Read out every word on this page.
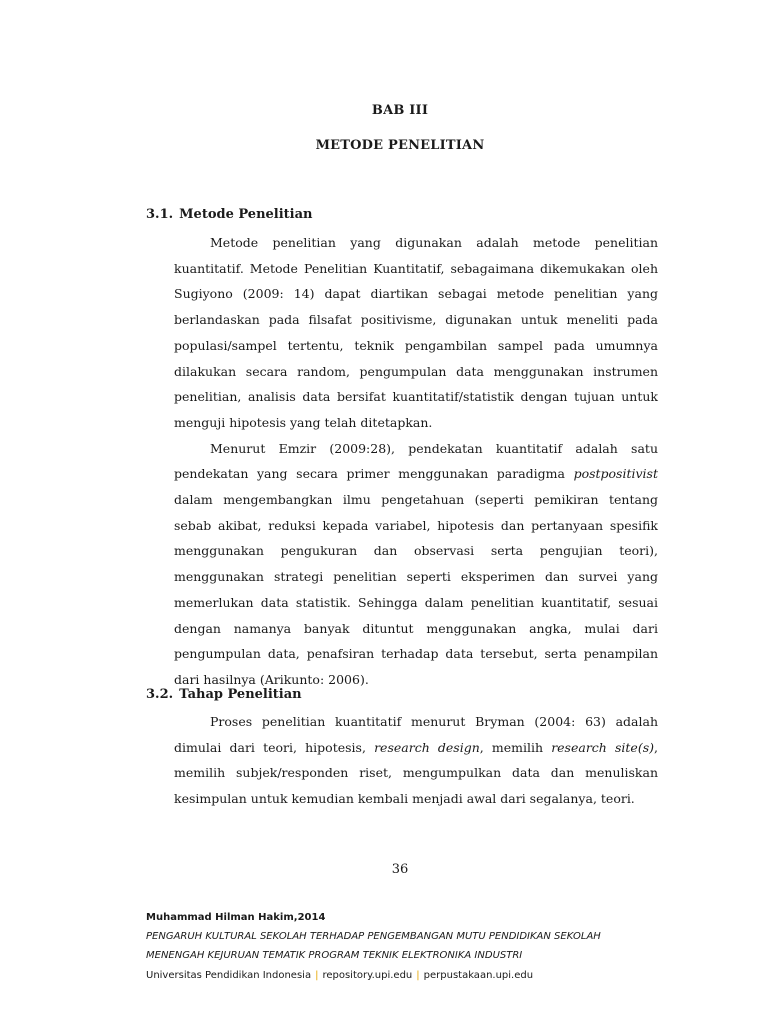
BAB III
METODE PENELITIAN
3.1. Metode Penelitian

Metode penelitian yang digunakan adalah metode penelitian kuantitatif. Metode Penelitian Kuantitatif, sebagaimana dikemukakan oleh Sugiyono (2009: 14) dapat diartikan sebagai metode penelitian yang berlandaskan pada filsafat positivisme, digunakan untuk meneliti pada populasi/sampel tertentu, teknik pengambilan sampel pada umumnya dilakukan secara random, pengumpulan data menggunakan instrumen penelitian, analisis data bersifat kuantitatif/statistik dengan tujuan untuk menguji hipotesis yang telah ditetapkan.

Menurut Emzir (2009:28), pendekatan kuantitatif adalah satu pendekatan yang secara primer menggunakan paradigma postpositivist dalam mengembangkan ilmu pengetahuan (seperti pemikiran tentang sebab akibat, reduksi kepada variabel, hipotesis dan pertanyaan spesifik menggunakan pengukuran dan observasi serta pengujian teori), menggunakan strategi penelitian seperti eksperimen dan survei yang memerlukan data statistik. Sehingga dalam penelitian kuantitatif, sesuai dengan namanya banyak dituntut menggunakan angka, mulai dari pengumpulan data, penafsiran terhadap data tersebut, serta penampilan dari hasilnya (Arikunto: 2006).

3.2. Tahap Penelitian

Proses penelitian kuantitatif menurut Bryman (2004: 63) adalah dimulai dari teori, hipotesis, research design, memilih research site(s), memilih subjek/responden riset, mengumpulkan data dan menuliskan kesimpulan untuk kemudian kembali menjadi awal dari segalanya, teori.

36
Muhammad Hilman Hakim,2014
PENGARUH KULTURAL SEKOLAH TERHADAP PENGEMBANGAN MUTU PENDIDIKAN SEKOLAH
MENENGAH KEJURUAN TEMATIK PROGRAM TEKNIK ELEKTRONIKA INDUSTRI
Universitas Pendidikan Indonesia | repository.upi.edu | perpustakaan.upi.edu
